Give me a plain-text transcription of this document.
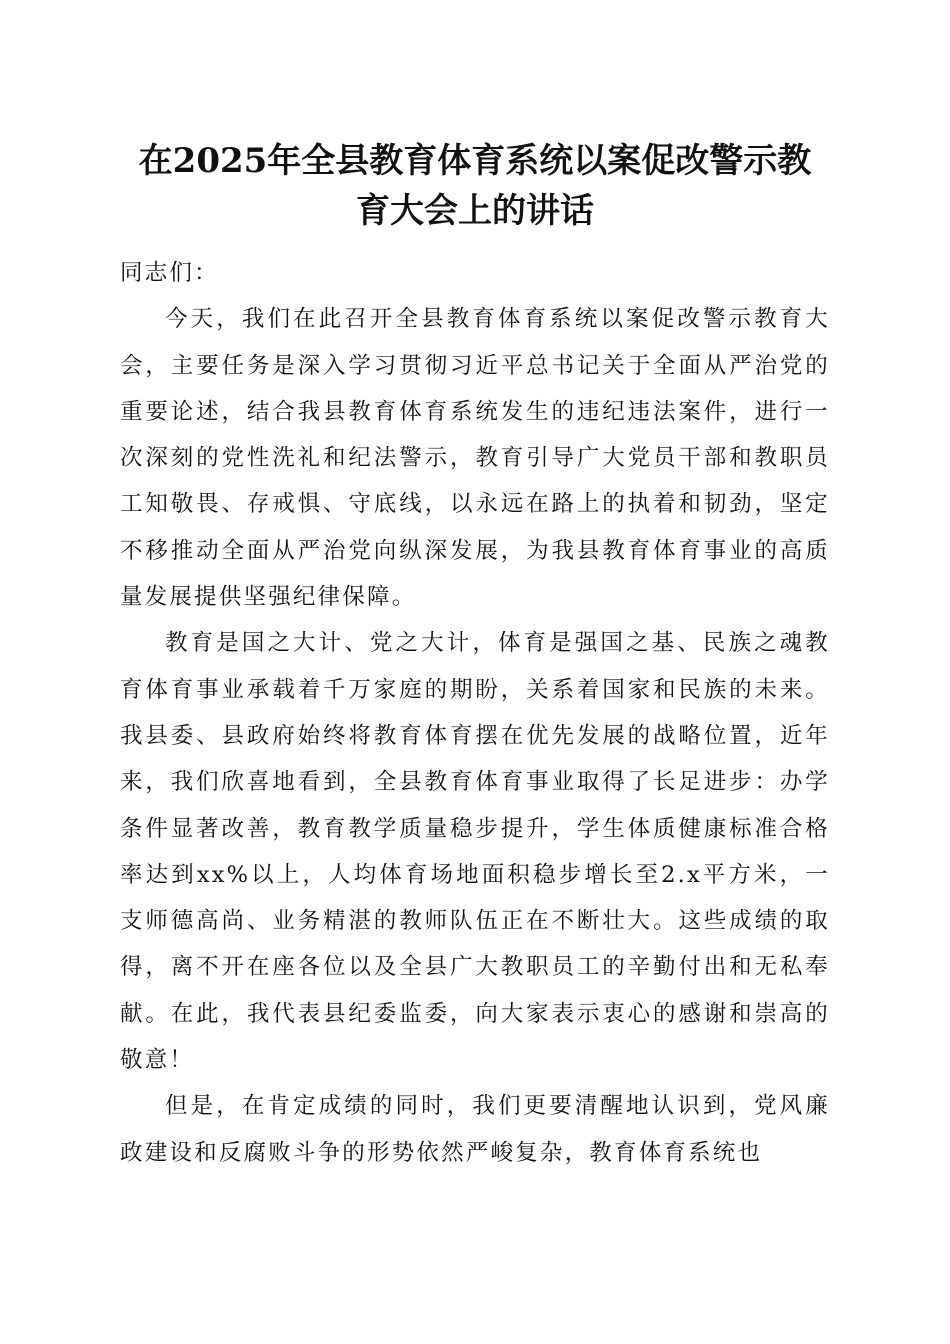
在2025年全县教育体育系统以案促改警示教
育大会上的讲话

同志们：

今天，我们在此召开全县教育体育系统以案促改警示教育大会，主要任务是深入学习贯彻习近平总书记关于全面从严治党的重要论述，结合我县教育体育系统发生的违纪违法案件，进行一次深刻的党性洗礼和纪法警示，教育引导广大党员干部和教职员工知敬畏、存戒惧、守底线，以永远在路上的执着和韧劲，坚定不移推动全面从严治党向纵深发展，为我县教育体育事业的高质量发展提供坚强纪律保障。

教育是国之大计、党之大计，体育是强国之基、民族之魂教育体育事业承载着千万家庭的期盼，关系着国家和民族的未来。我县委、县政府始终将教育体育摆在优先发展的战略位置，近年来，我们欣喜地看到，全县教育体育事业取得了长足进步：办学条件显著改善，教育教学质量稳步提升，学生体质健康标准合格率达到xx%以上，人均体育场地面积稳步增长至2.x平方米，一支师德高尚、业务精湛的教师队伍正在不断壮大。这些成绩的取得，离不开在座各位以及全县广大教职员工的辛勤付出和无私奉献。在此，我代表县纪委监委，向大家表示衷心的感谢和崇高的敬意！

但是，在肯定成绩的同时，我们更要清醒地认识到，党风廉政建设和反腐败斗争的形势依然严峻复杂，教育体育系统也
